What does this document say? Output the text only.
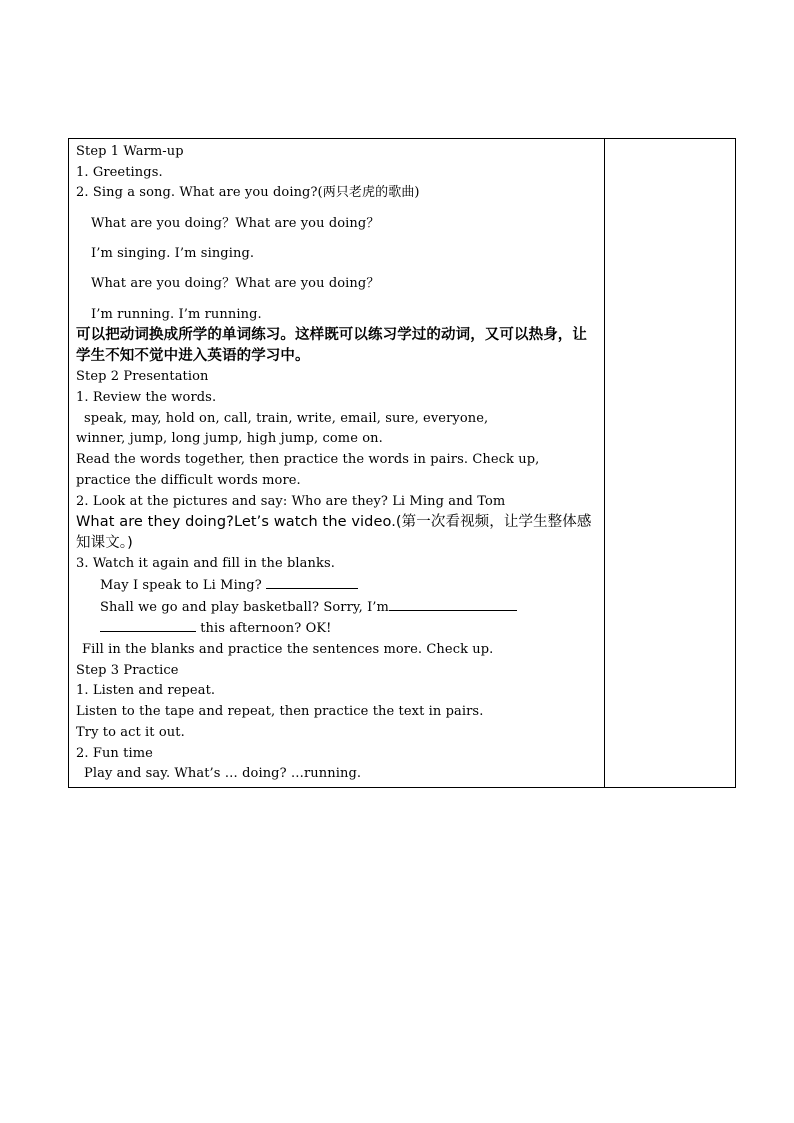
Step 1 Warm-up
1. Greetings.
2. Sing a song. What are you doing?(两只老虎的歌曲)
What are you doing？What are you doing？
I’m singing. I’m singing.
What are you doing？What are you doing？
I’m running. I’m running.
可以把动词换成所学的单词练习。这样既可以练习学过的动词，又可以热身，让学生不知不觉中进入英语的学习中。
Step 2 Presentation
1. Review the words.
speak, may, hold on, call, train, write, email, sure, everyone,
winner, jump, long jump, high jump, come on.
Read the words together, then practice the words in pairs. Check up,
practice the difficult words more.
2. Look at the pictures and say: Who are they? Li Ming and Tom
What are they doing?Let’s watch the video.(第一次看视频，让学生整体感知课文。)
3. Watch it again and fill in the blanks.
May I speak to Li Ming?
Shall we go and play basketball? Sorry, I’m
this afternoon? OK!
Fill in the blanks and practice the sentences more. Check up.
Step 3 Practice
1. Listen and repeat.
Listen to the tape and repeat, then practice the text in pairs.
Try to act it out.
2. Fun time
Play and say. What’s … doing? …running.
